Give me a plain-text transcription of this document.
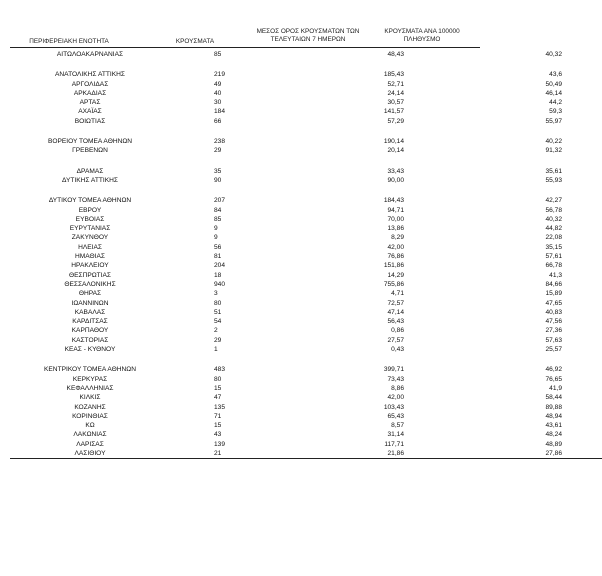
ΠΕΡΙΦΕΡΕΙΑΚΗ ΕΝΟΤΗΤΑ	ΚΡΟΥΣΜΑΤΑ
ΜΕΣΟΣ ΟΡΟΣ ΚΡΟΥΣΜΑΤΩΝ ΤΩΝ
ΤΕΛΕΥΤΑΙΩΝ 7 ΗΜΕΡΩΝ
ΚΡΟΥΣΜΑΤΑ ΑΝΑ 100000
ΠΛΗΘΥΣΜΟ
ΑΙΤΩΛΟΑΚΑΡΝΑΝΙΑΣ	85	48,43	40,32

ΑΝΑΤΟΛΙΚΗΣ ΑΤΤΙΚΗΣ	219	185,43	43,6
ΑΡΓΟΛΙΔΑΣ	49	52,71	50,49
ΑΡΚΑΔΙΑΣ	40	24,14	46,14
ΑΡΤΑΣ	30	30,57	44,2
ΑΧΑΪΑΣ	184	141,57	59,3
ΒΟΙΩΤΙΑΣ	66	57,29	55,97

ΒΟΡΕΙΟΥ ΤΟΜΕΑ ΑΘΗΝΩΝ	238	190,14	40,22
ΓΡΕΒΕΝΩΝ	29	20,14	91,32

ΔΡΑΜΑΣ	35	33,43	35,61
ΔΥΤΙΚΗΣ ΑΤΤΙΚΗΣ	90	90,00	55,93

ΔΥΤΙΚΟΥ ΤΟΜΕΑ ΑΘΗΝΩΝ	207	184,43	42,27
ΕΒΡΟΥ	84	94,71	56,78
ΕΥΒΟΙΑΣ	85	70,00	40,32
ΕΥΡΥΤΑΝΙΑΣ	9	13,86	44,82
ΖΑΚΥΝΘΟΥ	9	8,29	22,08
ΗΛΕΙΑΣ	56	42,00	35,15
ΗΜΑΘΙΑΣ	81	76,86	57,61
ΗΡΑΚΛΕΙΟΥ	204	151,86	66,78
ΘΕΣΠΡΩΤΙΑΣ	18	14,29	41,3
ΘΕΣΣΑΛΟΝΙΚΗΣ	940	755,86	84,66
ΘΗΡΑΣ	3	4,71	15,89
ΙΩΑΝΝΙΝΩΝ	80	72,57	47,65
ΚΑΒΑΛΑΣ	51	47,14	40,83
ΚΑΡΔΙΤΣΑΣ	54	56,43	47,56
ΚΑΡΠΑΘΟΥ	2	0,86	27,36
ΚΑΣΤΟΡΙΑΣ	29	27,57	57,63
ΚΕΑΣ - ΚΥΘΝΟΥ	1	0,43	25,57

ΚΕΝΤΡΙΚΟΥ ΤΟΜΕΑ ΑΘΗΝΩΝ	483	399,71	46,92
ΚΕΡΚΥΡΑΣ	80	73,43	76,65
ΚΕΦΑΛΛΗΝΙΑΣ	15	8,86	41,9
ΚΙΛΚΙΣ	47	42,00	58,44
ΚΟΖΑΝΗΣ	135	103,43	89,88
ΚΟΡΙΝΘΙΑΣ	71	65,43	48,94
ΚΩ	15	8,57	43,61
ΛΑΚΩΝΙΑΣ	43	31,14	48,24
ΛΑΡΙΣΑΣ	139	117,71	48,89
ΛΑΣΙΘΙΟΥ	21	21,86	27,86
